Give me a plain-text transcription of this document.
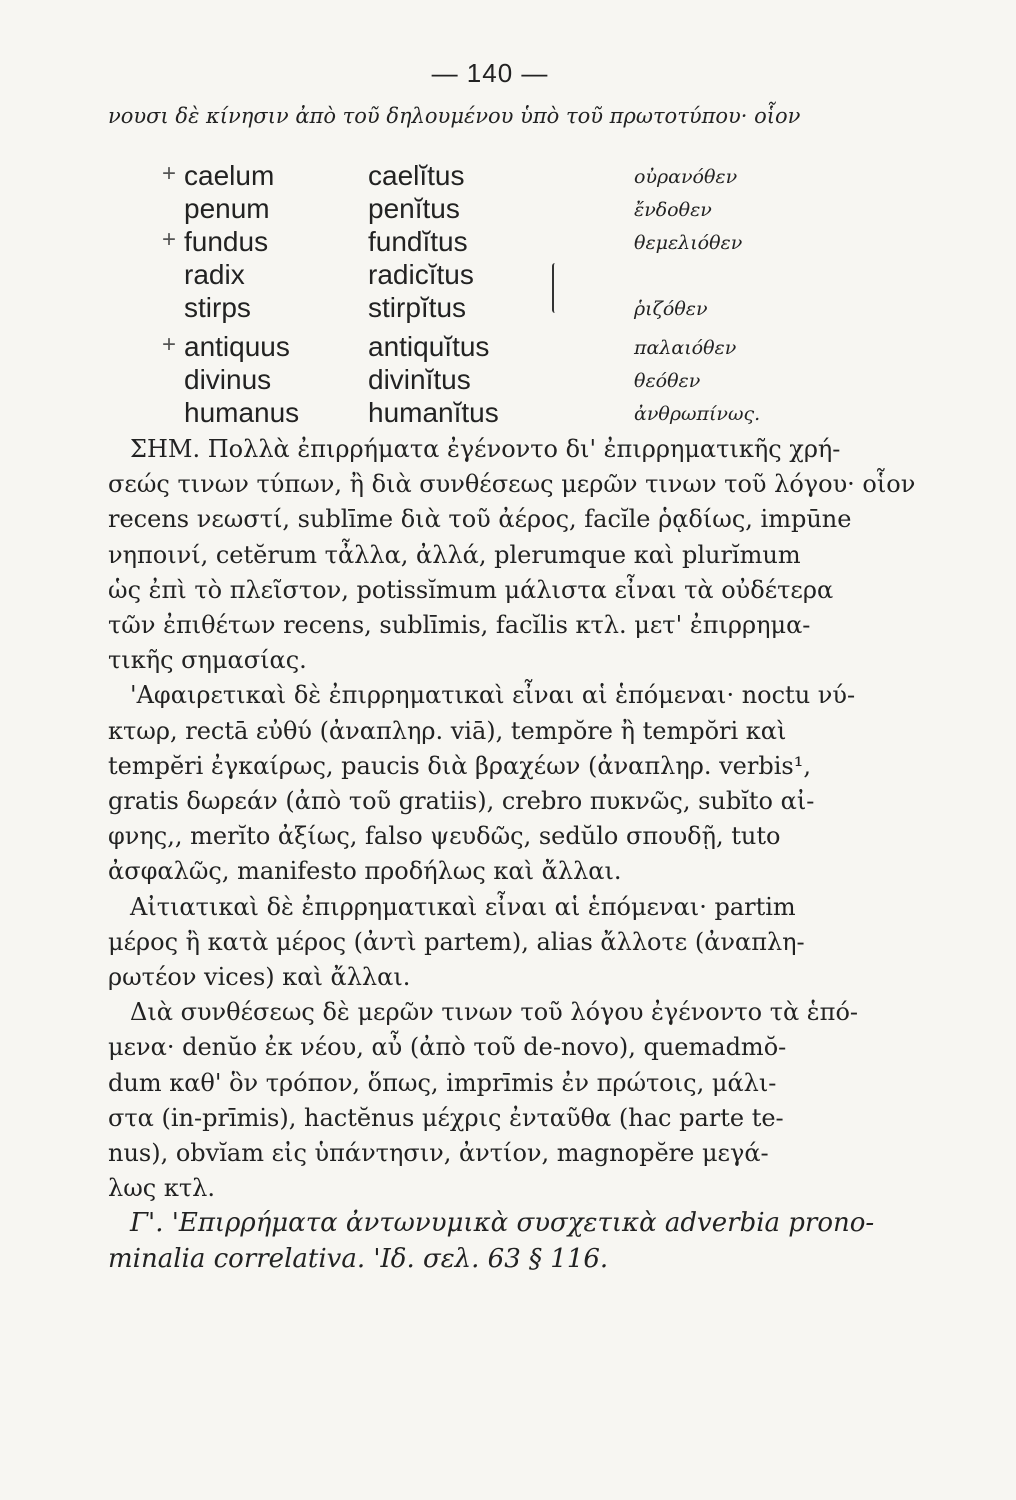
— 140 —
νουσι δὲ κίνησιν ἀπὸ τοῦ δηλουμένου ὑπὸ τοῦ πρωτοτύπου· οἷον
+ caelum	caelĭtus	οὐρανόθεν
penum	penĭtus	ἔνδοθεν
+ fundus	fundĭtus	θεμελιόθεν
radix	radicĭtus
stirps	stirpĭtus	ῥιζόθεν
+ antiquus	antiquĭtus	παλαιόθεν
divinus	divinĭtus	θεόθεν
humanus humanĭtus	ἀνθρωπίνως.

ΣΗΜ. Πολλὰ ἐπιρρήματα ἐγένοντο δι' ἐπιρρηματικῆς χρή-
σεώς τινων τύπων, ἢ διὰ συνθέσεως μερῶν τινων τοῦ λόγου· οἷον
recens νεωστί, sublīme διὰ τοῦ ἀέρος, facĭle ῥᾳδίως, impūne
νηποινί, cetĕrum τἆλλα, ἀλλά, plerumque καὶ plurĭmum
ὡς ἐπὶ τὸ πλεῖστον, potissĭmum μάλιστα εἶναι τὰ οὐδέτερα
τῶν ἐπιθέτων recens, sublīmis, facĭlis κτλ. μετ' ἐπιρρημα-
τικῆς σημασίας.

'Αφαιρετικαὶ δὲ ἐπιρρηματικαὶ εἶναι αἱ ἑπόμεναι· noctu νύ-
κτωρ, rectā εὐθύ (ἀναπληρ. viā), tempŏre ἢ tempŏri καὶ
tempĕri ἐγκαίρως, paucis διὰ βραχέων (ἀναπληρ. verbis¹,
gratis δωρεάν (ἀπὸ τοῦ gratiis), crebro πυκνῶς, subĭto αἰ-
φνης,, merĭto ἀξίως, falso ψευδῶς, sedŭlo σπουδῇ, tuto
ἀσφαλῶς, manifesto προδήλως καὶ ἄλλαι.

Αἰτιατικαὶ δὲ ἐπιρρηματικαὶ εἶναι αἱ ἑπόμεναι· partim
μέρος ἢ κατὰ μέρος (ἀντὶ partem), alias ἄλλοτε (ἀναπλη-
ρωτέον vices) καὶ ἄλλαι.

Διὰ συνθέσεως δὲ μερῶν τινων τοῦ λόγου ἐγένοντο τὰ ἑπό-
μενα· denŭo ἐκ νέου, αὖ (ἀπὸ τοῦ de-novo), quemadmŏ-
dum καθ' ὃν τρόπον, ὅπως, imprīmis ἐν πρώτοις, μάλι-
στα (in-prīmis), hactĕnus μέχρις ἐνταῦθα (hac parte te-
nus), obvĭam εἰς ὑπάντησιν, ἀντίον, magnopĕre μεγά-
λως κτλ.

Γ'. 'Επιρρήματα ἀντωνυμικὰ συσχετικὰ adverbia prono-
minalia correlativa. 'Ιδ. σελ. 63 § 116.
